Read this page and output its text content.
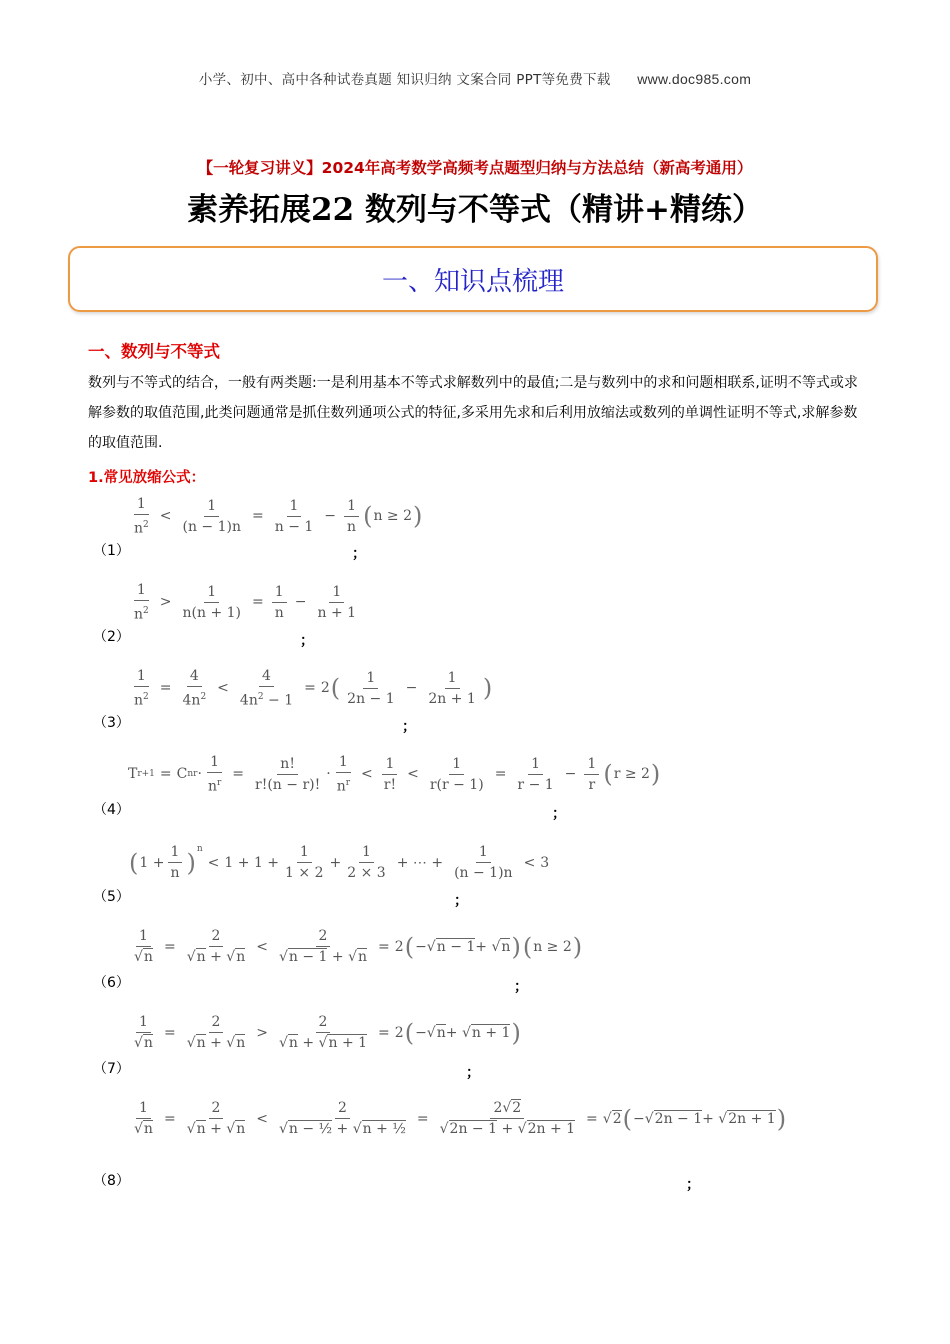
小学、初中、高中各种试卷真题 知识归纳 文案合同 PPT等免费下载 www.doc985.com
【一轮复习讲义】2024年高考数学高频考点题型归纳与方法总结（新高考通用）
素养拓展22 数列与不等式（精讲+精练）
一、知识点梳理
一、数列与不等式
数列与不等式的结合，一般有两类题:一是利用基本不等式求解数列中的最值;二是与数列中的求和问题相联系,证明不等式或求解参数的取值范围,此类问题通常是抓住数列通项公式的特征,多采用先求和后利用放缩法或数列的单调性证明不等式,求解参数的取值范围.
1.常见放缩公式：
$\frac{1}{n^2} < \frac{1}{(n - 1)n} = \frac{1}{n - 1} - \frac{1}{n}$ ( n ≥ 2 )
（1）	；
$\frac{1}{n^2} > \frac{1}{n(n + 1)} = \frac{1}{n} - \frac{1}{n + 1}$
（2）	；
$\frac{1}{n^2} = \frac{4}{4n^2} < \frac{4}{4n^2 - 1} = 2$ ( $\frac{1}{2n - 1} - \frac{1}{2n + 1}$ )
（3）	；
T r+1 = C n $r \cdot \frac{1}{n^r} = \frac{n!}{r!(n - r)!} \cdot \frac{1}{n^r} < \frac{1}{r!} < \frac{1}{r(r - 1)} = \frac{1}{r - 1} - \frac{1}{r}$ ( r ≥ 2 )
（4）	；
( $1 + \frac{1}{n} )^n$
< $1 + 1 + \frac{1}{1 \times 2} + \frac{1}{2 \times 3}$ + ⋯ + $\frac{1}{(n - 1)n} < 3$
（5）	；
$\frac{1}{√n} = \frac{2}{√n + √n} < \frac{2}{√n - 1 + √n} = 2$ ( −√ n − 1 + √ n ) ( n ≥ 2 )
（6）	；
$\frac{1}{√n} = \frac{2}{√n + √n} > \frac{2}{√n + √n + 1} = 2$ ( −√ n + √ n + 1 )
（7）	；
$\frac{1}{√n} = \frac{2}{√n + √n} < \frac{2}{\text{√n − ½ + √n + ½}} = \frac{2√2}{√2n - 1 + √2n + 1}$ = √ 2 ( −√ 2n − 1 + √ 2n + 1 )
（8）	；
